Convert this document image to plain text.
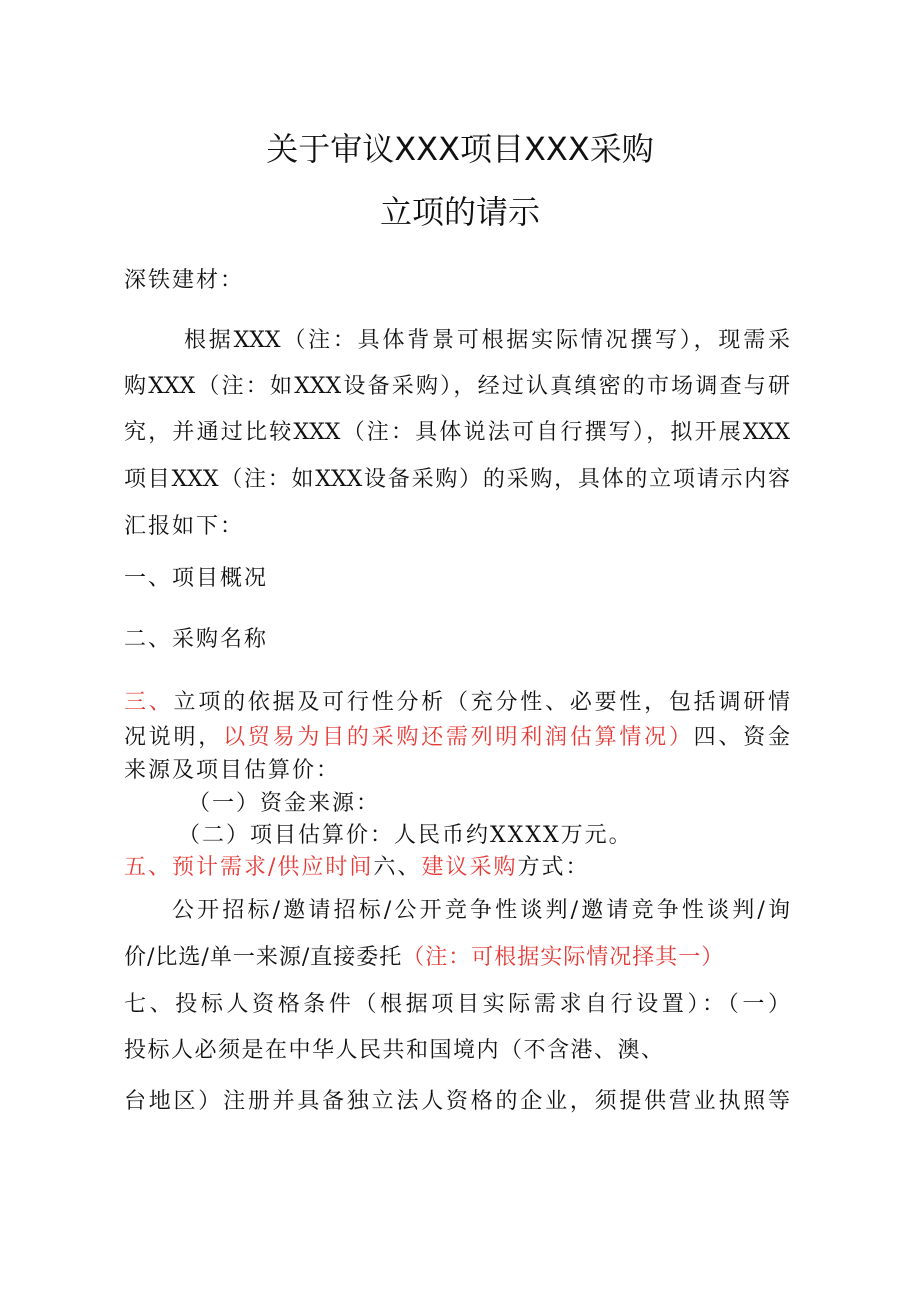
关于审议XXX项目XXX采购
立项的请示
深铁建材：
根据XXX（注：具体背景可根据实际情况撰写），现需采
购XXX（注：如XXX设备采购），经过认真缜密的市场调查与研
究，并通过比较XXX（注：具体说法可自行撰写），拟开展XXX
项目XXX（注：如XXX设备采购）的采购，具体的立项请示内容
汇报如下：
一、项目概况
二、采购名称
三、立项的依据及可行性分析（充分性、必要性，包括调研情
况说明，以贸易为目的采购还需列明利润估算情况）四、资金
来源及项目估算价：
（一）资金来源：
（二）项目估算价：人民币约XXXX万元。
五、预计需求/供应时间六、建议采购方式：
公开招标/邀请招标/公开竞争性谈判/邀请竞争性谈判/询
价/比选/单一来源/直接委托（注：可根据实际情况择其一）
七、投标人资格条件（根据项目实际需求自行设置）：（一）
投标人必须是在中华人民共和国境内（不含港、澳、
台地区）注册并具备独立法人资格的企业，须提供营业执照等
